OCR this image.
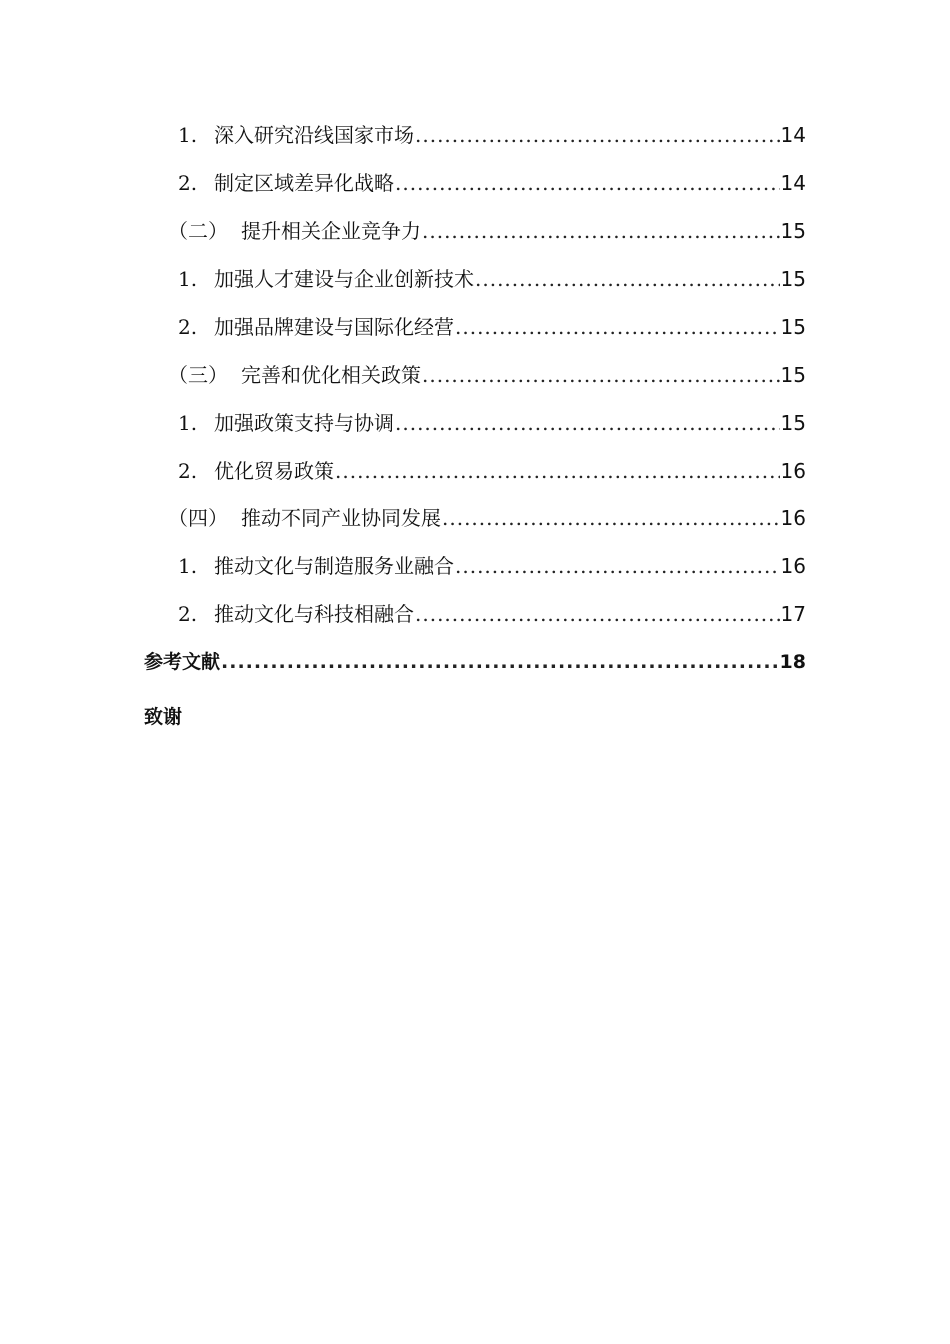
1. 深入研究沿线国家市场 .....	14
2. 制定区域差异化战略 .....	14
（二） 提升相关企业竞争力 .....	15
1. 加强人才建设与企业创新技术 .....	15
2. 加强品牌建设与国际化经营 .....	15
（三） 完善和优化相关政策 .....	15
1. 加强政策支持与协调 .....	15
2. 优化贸易政策 .....	16
（四） 推动不同产业协同发展 .....	16
1. 推动文化与制造服务业融合 .....	16
2. 推动文化与科技相融合 .....	17
参考文献 .....	18
致谢
